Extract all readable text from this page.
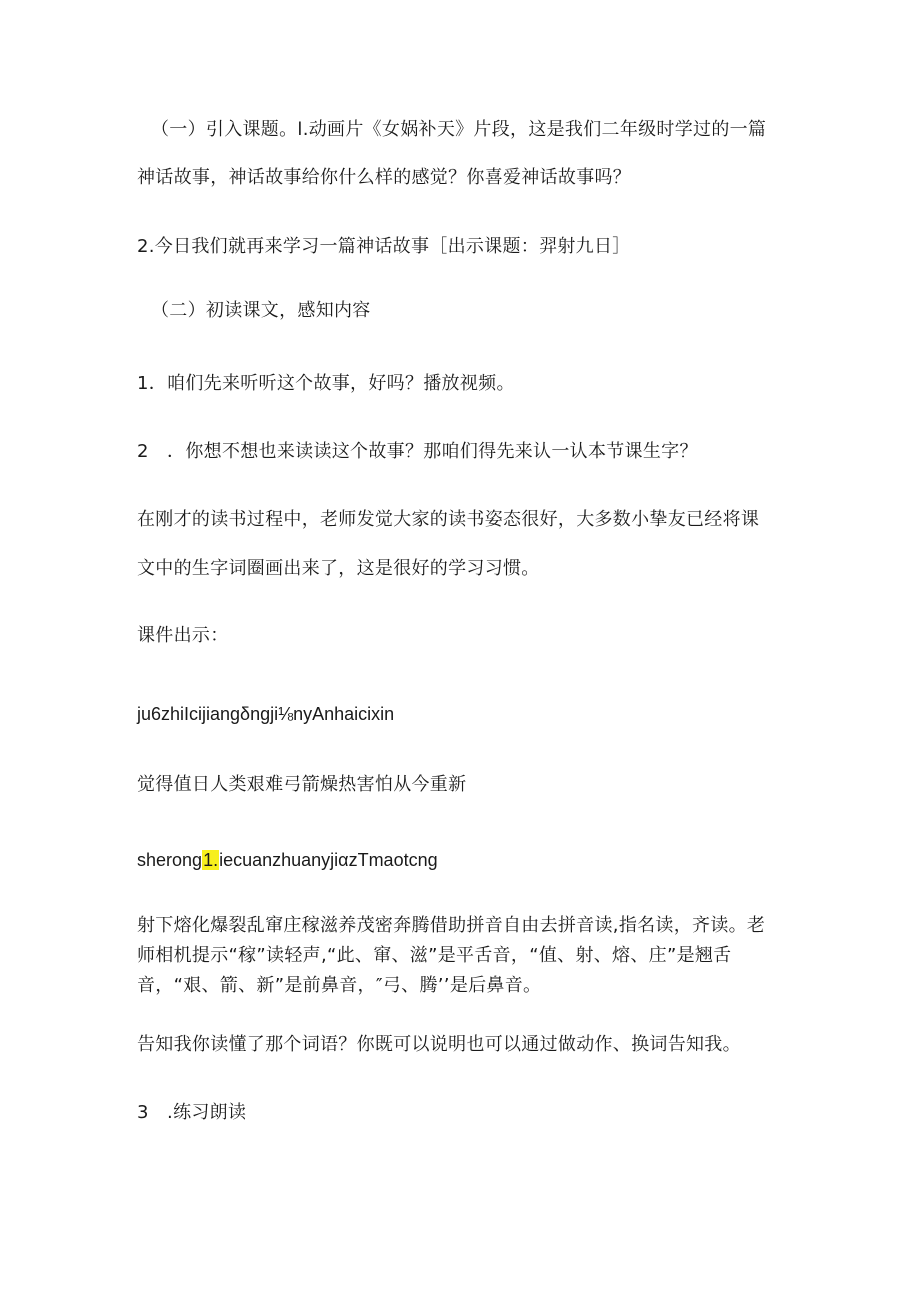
（一）引入课题。l.动画片《女娲补天》片段，这是我们二年级时学过的一篇
神话故事，神话故事给你什么样的感觉？你喜爱神话故事吗？
2.今日我们就再来学习一篇神话故事［出示课题：羿射九日］
（二）初读课文，感知内容
1．咱们先来听听这个故事，好吗？播放视频。
2　．你想不想也来读读这个故事？那咱们得先来认一认本节课生字？
在刚才的读书过程中，老师发觉大家的读书姿态很好，大多数小挚友已经将课
文中的生字词圈画出来了，这是很好的学习习惯。
课件出示：
ju6zhiIcijiangδngji⅛nyAnhaicixin
觉得值日人类艰难弓箭燥热害怕从今重新
sherong1.iecuanzhuanyjiαzTmaotcng
射下熔化爆裂乱窜庄稼滋养茂密奔腾借助拼音自由去拼音读,指名读，齐读。老师相机提示“稼”读轻声,“此、窜、滋”是平舌音，“值、射、熔、庄”是翘舌音，“艰、箭、新”是前鼻音，″弓、腾’’是后鼻音。
告知我你读懂了那个词语？你既可以说明也可以通过做动作、换词告知我。
3　.练习朗读
